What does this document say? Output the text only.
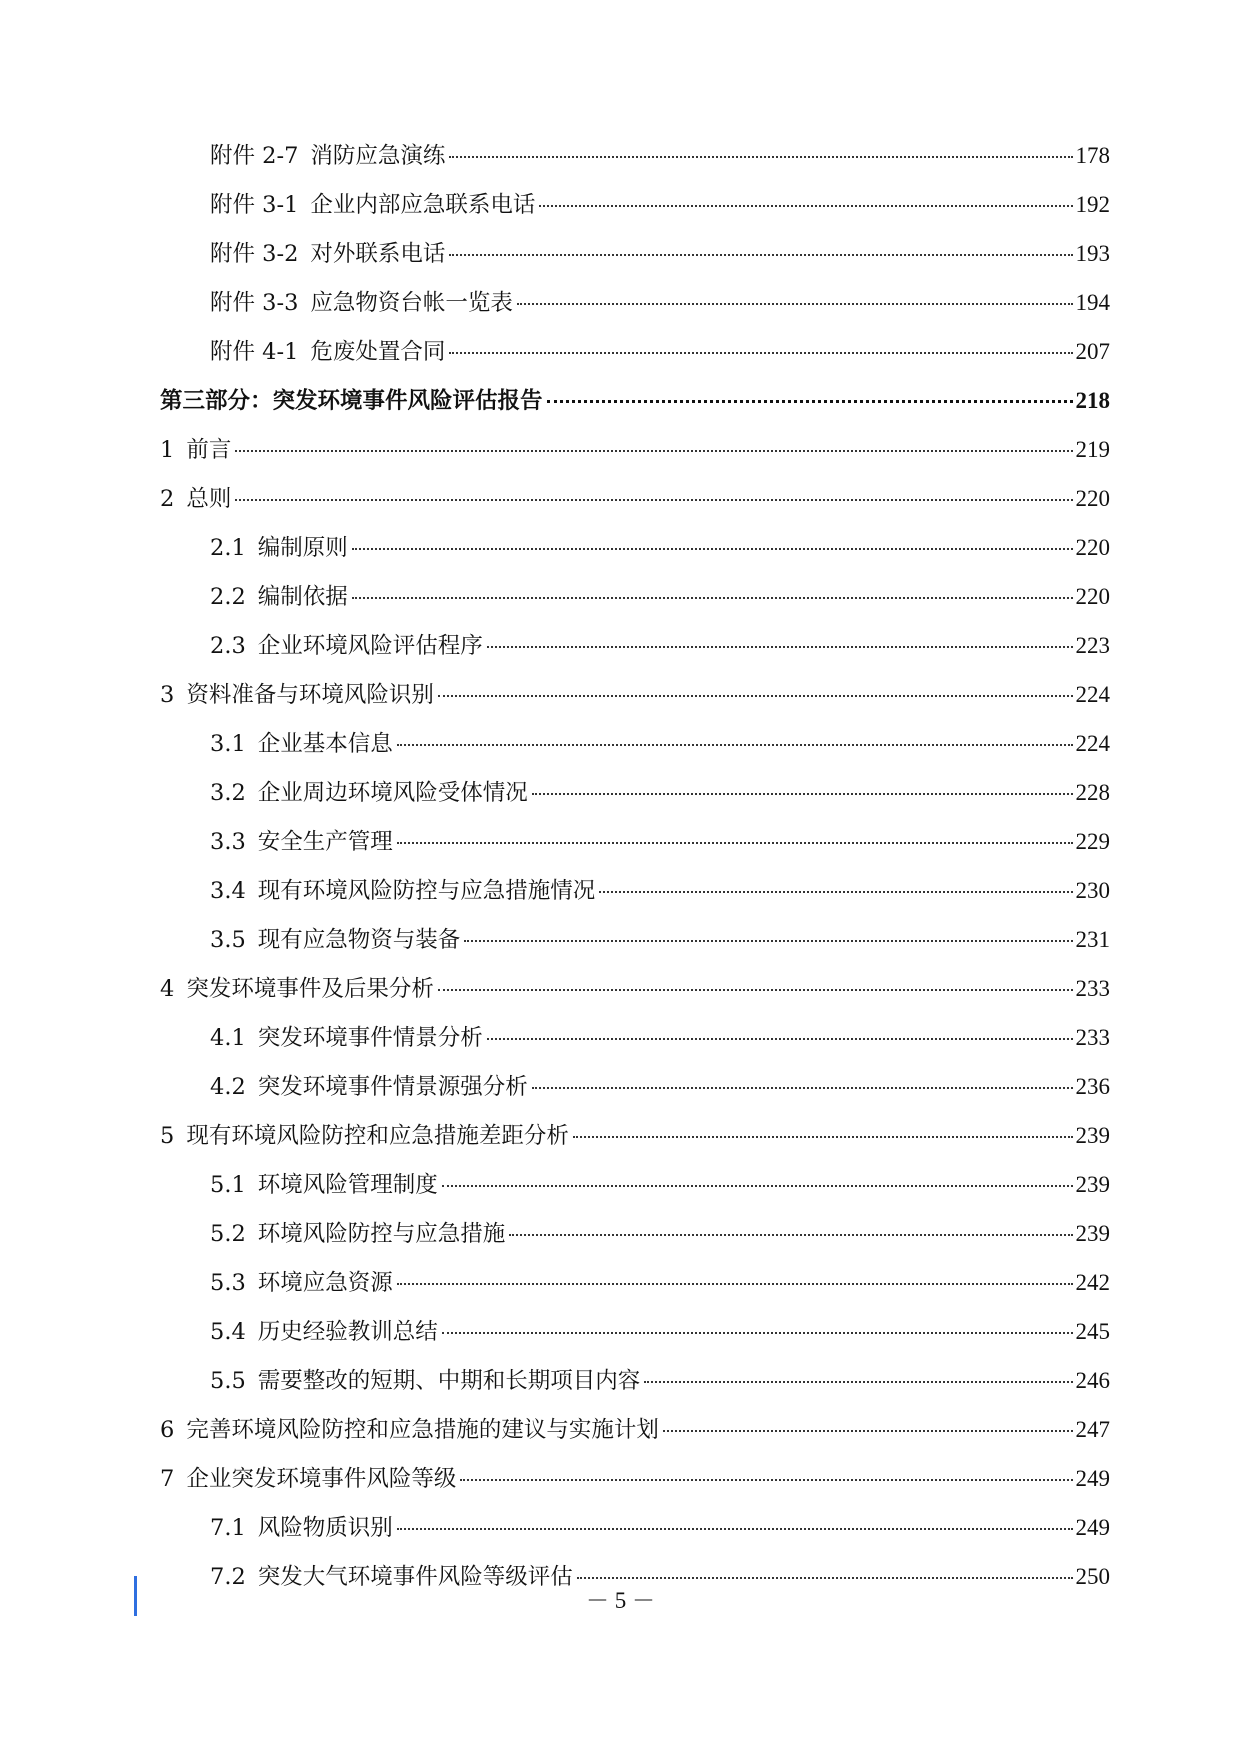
附件 2-7 消防应急演练	178
附件 3-1 企业内部应急联系电话	192
附件 3-2 对外联系电话	193
附件 3-3 应急物资台帐一览表	194
附件 4-1 危废处置合同	207
第三部分：突发环境事件风险评估报告	218
1 前言	219
2 总则	220
2.1 编制原则	220
2.2 编制依据	220
2.3 企业环境风险评估程序	223
3 资料准备与环境风险识别	224
3.1 企业基本信息	224
3.2 企业周边环境风险受体情况	228
3.3 安全生产管理	229
3.4 现有环境风险防控与应急措施情况	230
3.5 现有应急物资与装备	231
4 突发环境事件及后果分析	233
4.1 突发环境事件情景分析	233
4.2 突发环境事件情景源强分析	236
5 现有环境风险防控和应急措施差距分析	239
5.1 环境风险管理制度	239
5.2 环境风险防控与应急措施	239
5.3 环境应急资源	242
5.4 历史经验教训总结	245
5.5 需要整改的短期、中期和长期项目内容	246
6 完善环境风险防控和应急措施的建议与实施计划	247
7 企业突发环境事件风险等级	249
7.1 风险物质识别	249
7.2 突发大气环境事件风险等级评估	250
－ 5 －
